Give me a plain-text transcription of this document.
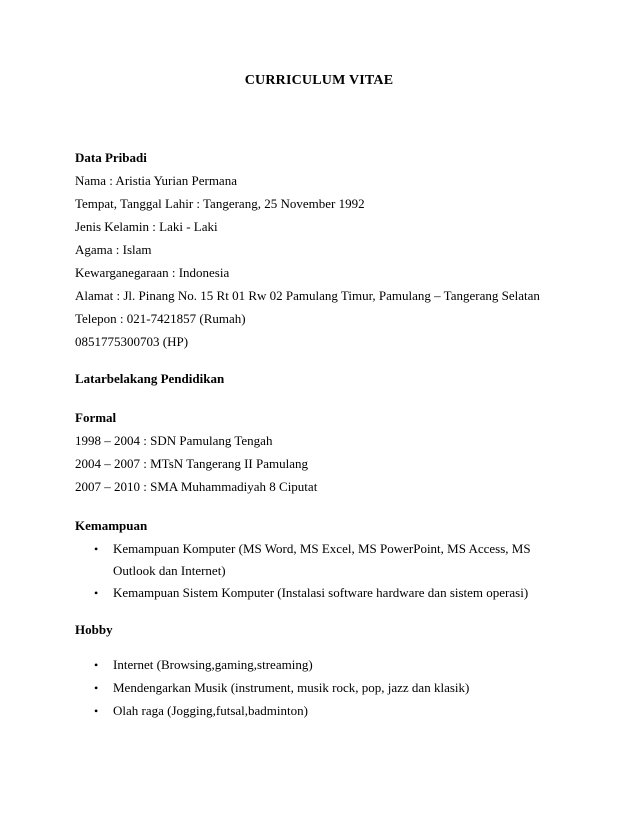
CURRICULUM VITAE
Data Pribadi
Nama : Aristia Yurian Permana
Tempat, Tanggal Lahir : Tangerang, 25 November 1992
Jenis Kelamin : Laki - Laki
Agama : Islam
Kewarganegaraan : Indonesia
Alamat : Jl. Pinang No. 15 Rt 01 Rw 02 Pamulang Timur, Pamulang – Tangerang Selatan
Telepon : 021-7421857 (Rumah)
0851775300703 (HP)
Latarbelakang Pendidikan
Formal
1998 – 2004 : SDN Pamulang Tengah
2004 – 2007 : MTsN Tangerang II Pamulang
2007 – 2010 : SMA Muhammadiyah 8 Ciputat
Kemampuan
•	Kemampuan Komputer (MS Word, MS Excel, MS PowerPoint, MS Access, MS Outlook dan Internet)
•	Kemampuan Sistem Komputer (Instalasi software hardware dan sistem operasi)
Hobby
•	Internet (Browsing,gaming,streaming)
•	Mendengarkan Musik (instrument, musik rock, pop, jazz dan klasik)
•	Olah raga (Jogging,futsal,badminton)
